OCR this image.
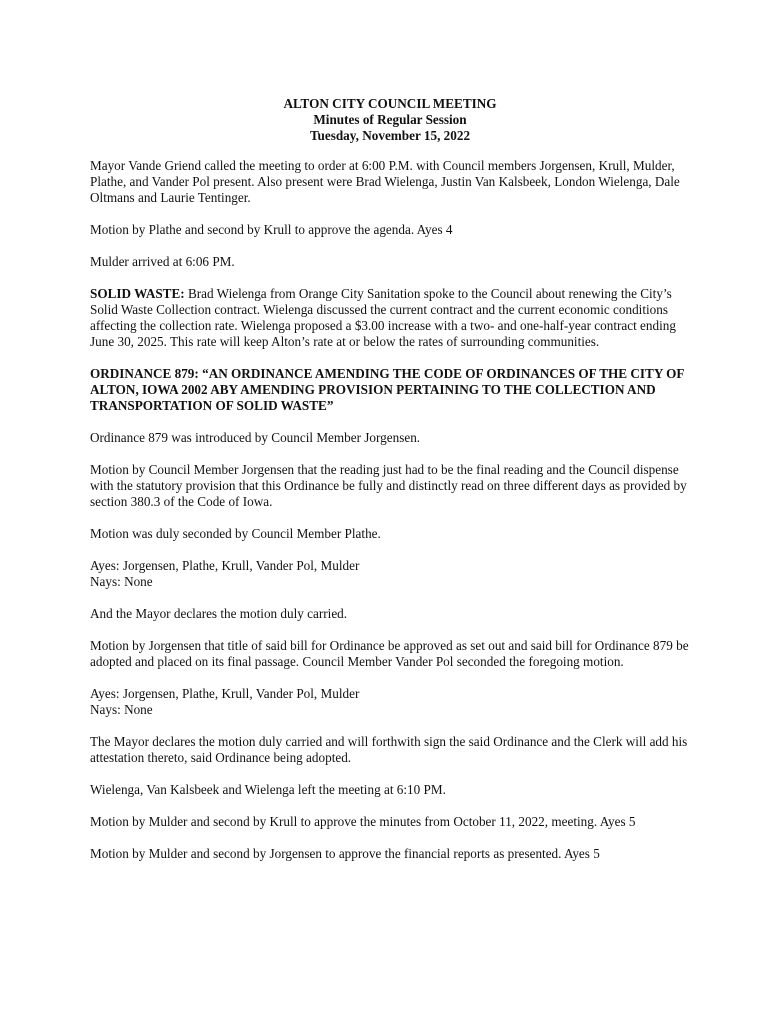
ALTON CITY COUNCIL MEETING
Minutes of Regular Session
Tuesday, November 15, 2022

Mayor Vande Griend called the meeting to order at 6:00 P.M. with Council members Jorgensen, Krull, Mulder, Plathe, and Vander Pol present. Also present were Brad Wielenga, Justin Van Kalsbeek, London Wielenga, Dale Oltmans and Laurie Tentinger.

Motion by Plathe and second by Krull to approve the agenda. Ayes 4

Mulder arrived at 6:06 PM.

SOLID WASTE: Brad Wielenga from Orange City Sanitation spoke to the Council about renewing the City’s Solid Waste Collection contract. Wielenga discussed the current contract and the current economic conditions affecting the collection rate. Wielenga proposed a $3.00 increase with a two- and one-half-year contract ending June 30, 2025. This rate will keep Alton’s rate at or below the rates of surrounding communities.

ORDINANCE 879: “AN ORDINANCE AMENDING THE CODE OF ORDINANCES OF THE CITY OF ALTON, IOWA 2002 ABY AMENDING PROVISION PERTAINING TO THE COLLECTION AND TRANSPORTATION OF SOLID WASTE”

Ordinance 879 was introduced by Council Member Jorgensen.

Motion by Council Member Jorgensen that the reading just had to be the final reading and the Council dispense with the statutory provision that this Ordinance be fully and distinctly read on three different days as provided by section 380.3 of the Code of Iowa.

Motion was duly seconded by Council Member Plathe.

Ayes: Jorgensen, Plathe, Krull, Vander Pol, Mulder
Nays: None

And the Mayor declares the motion duly carried.

Motion by Jorgensen that title of said bill for Ordinance be approved as set out and said bill for Ordinance 879 be adopted and placed on its final passage. Council Member Vander Pol seconded the foregoing motion.

Ayes: Jorgensen, Plathe, Krull, Vander Pol, Mulder
Nays: None

The Mayor declares the motion duly carried and will forthwith sign the said Ordinance and the Clerk will add his attestation thereto, said Ordinance being adopted.

Wielenga, Van Kalsbeek and Wielenga left the meeting at 6:10 PM.

Motion by Mulder and second by Krull to approve the minutes from October 11, 2022, meeting. Ayes 5

Motion by Mulder and second by Jorgensen to approve the financial reports as presented. Ayes 5
